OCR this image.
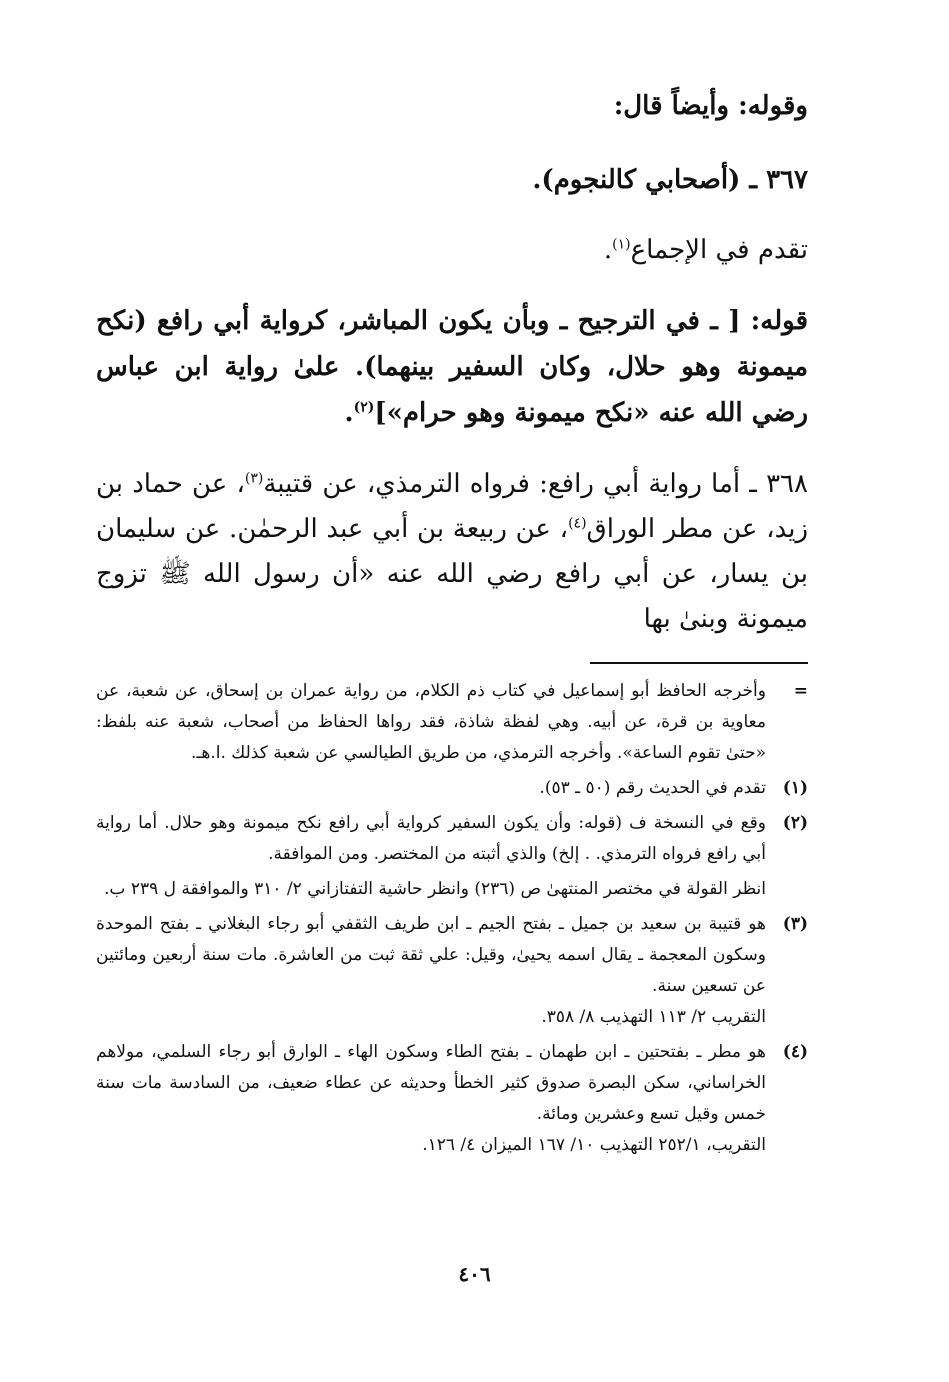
وقوله: وأيضاً قال:
٣٦٧ ـ (أصحابي كالنجوم).
تقدم في الإجماع$^{(١)}$.
قوله: [ ـ في الترجيح ـ وبأن يكون المباشر، كرواية أبي رافع (نكح ميمونة وهو حلال، وكان السفير بينهما). علىٰ رواية ابن عباس رضي الله عنه «نكح ميمونة وهو حرام»]$^{(٢)}$.
٣٦٨ ـ أما رواية أبي رافع: فرواه الترمذي، عن قتيبة$^{(٣)}$، عن حماد بن زيد، عن مطر الوراق$^{(٤)}$، عن ربيعة بن أبي عبد الرحمٰن. عن سليمان بن يسار، عن أبي رافع رضي الله عنه «أن رسول الله ﷺ تزوج ميمونة وبنىٰ بها
=
وأخرجه الحافظ أبو إسماعيل في كتاب ذم الكلام، من رواية عمران بن إسحاق، عن شعبة، عن معاوية بن قرة، عن أبيه. وهي لفظة شاذة، فقد رواها الحفاظ من أصحاب، شعبة عنه بلفظ: «حتىٰ تقوم الساعة». وأخرجه الترمذي، من طريق الطيالسي عن شعبة كذلك .ا.هـ.
(١)
تقدم في الحديث رقم (٥٠ ـ ٥٣).
(٢)
وقع في النسخة ف (قوله: وأن يكون السفير كرواية أبي رافع نكح ميمونة وهو حلال. أما رواية أبي رافع فرواه الترمذي. . إلخ) والذي أثبته من المختصر. ومن الموافقة.
انظر القولة في مختصر المنتهىٰ ص (٢٣٦) وانظر حاشية التفتازاني ٢/ ٣١٠ والموافقة ل ٢٣٩ ب.
(٣)
هو قتيبة بن سعيد بن جميل ـ بفتح الجيم ـ ابن طريف الثقفي أبو رجاء البغلاني ـ بفتح الموحدة وسكون المعجمة ـ يقال اسمه يحيىٰ، وقيل: علي ثقة ثبت من العاشرة. مات سنة أربعين ومائتين عن تسعين سنة.
التقريب ٢/ ١١٣ التهذيب ٨/ ٣٥٨.
(٤)
هو مطر ـ بفتحتين ـ ابن طهمان ـ بفتح الطاء وسكون الهاء ـ الوارق أبو رجاء السلمي، مولاهم الخراساني، سكن البصرة صدوق كثير الخطأ وحديثه عن عطاء ضعيف، من السادسة مات سنة خمس وقيل تسع وعشرين ومائة.
التقريب، ٢٥٢/١ التهذيب ١٠/ ١٦٧ الميزان ٤/ ١٢٦.
٤٠٦
